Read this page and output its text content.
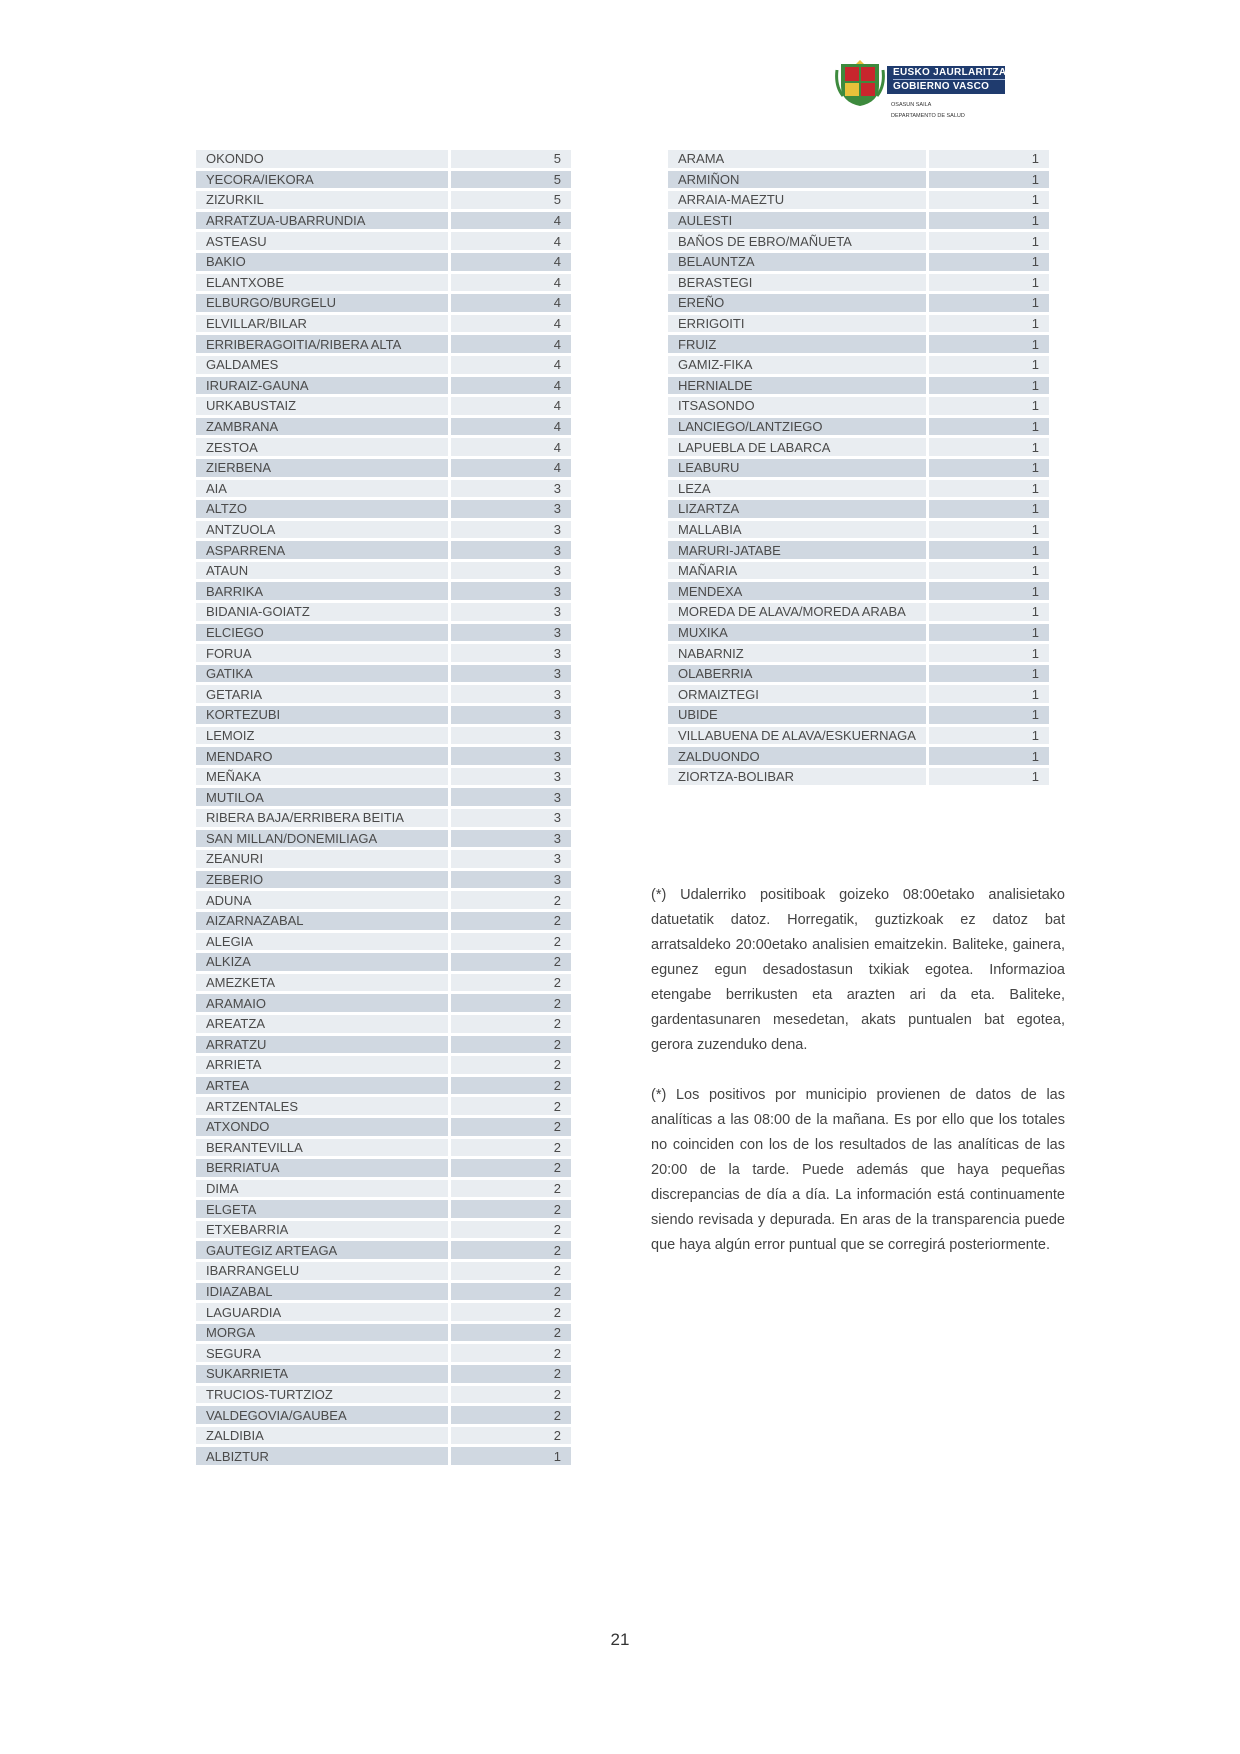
EUSKO JAURLARITZA
GOBIERNO VASCO
OSASUN SAILA
DEPARTAMENTO DE SALUD
OKONDO	5
YECORA/IEKORA	5
ZIZURKIL	5
ARRATZUA-UBARRUNDIA	4
ASTEASU	4
BAKIO	4
ELANTXOBE	4
ELBURGO/BURGELU	4
ELVILLAR/BILAR	4
ERRIBERAGOITIA/RIBERA ALTA	4
GALDAMES	4
IRURAIZ-GAUNA	4
URKABUSTAIZ	4
ZAMBRANA	4
ZESTOA	4
ZIERBENA	4
AIA	3
ALTZO	3
ANTZUOLA	3
ASPARRENA	3
ATAUN	3
BARRIKA	3
BIDANIA-GOIATZ	3
ELCIEGO	3
FORUA	3
GATIKA	3
GETARIA	3
KORTEZUBI	3
LEMOIZ	3
MENDARO	3
MEÑAKA	3
MUTILOA	3
RIBERA BAJA/ERRIBERA BEITIA	3
SAN MILLAN/DONEMILIAGA	3
ZEANURI	3
ZEBERIO	3
ADUNA	2
AIZARNAZABAL	2
ALEGIA	2
ALKIZA	2
AMEZKETA	2
ARAMAIO	2
AREATZA	2
ARRATZU	2
ARRIETA	2
ARTEA	2
ARTZENTALES	2
ATXONDO	2
BERANTEVILLA	2
BERRIATUA	2
DIMA	2
ELGETA	2
ETXEBARRIA	2
GAUTEGIZ ARTEAGA	2
IBARRANGELU	2
IDIAZABAL	2
LAGUARDIA	2
MORGA	2
SEGURA	2
SUKARRIETA	2
TRUCIOS-TURTZIOZ	2
VALDEGOVIA/GAUBEA	2
ZALDIBIA	2
ALBIZTUR	1
ARAMA	1
ARMIÑON	1
ARRAIA-MAEZTU	1
AULESTI	1
BAÑOS DE EBRO/MAÑUETA	1
BELAUNTZA	1
BERASTEGI	1
EREÑO	1
ERRIGOITI	1
FRUIZ	1
GAMIZ-FIKA	1
HERNIALDE	1
ITSASONDO	1
LANCIEGO/LANTZIEGO	1
LAPUEBLA DE LABARCA	1
LEABURU	1
LEZA	1
LIZARTZA	1
MALLABIA	1
MARURI-JATABE	1
MAÑARIA	1
MENDEXA	1
MOREDA DE ALAVA/MOREDA ARABA	1
MUXIKA	1
NABARNIZ	1
OLABERRIA	1
ORMAIZTEGI	1
UBIDE	1
VILLABUENA DE ALAVA/ESKUERNAGA	1
ZALDUONDO	1
ZIORTZA-BOLIBAR	1

(*) Udalerriko positiboak goizeko 08:00etako analisietako datuetatik datoz. Horregatik, guztizkoak ez datoz bat arratsaldeko 20:00etako analisien emaitzekin. Baliteke, gainera, egunez egun desadostasun txikiak egotea. Informazioa etengabe berrikusten eta arazten ari da eta. Baliteke, gardentasunaren mesedetan, akats puntualen bat egotea, gerora zuzenduko dena.

(*) Los positivos por municipio provienen de datos de las analíticas a las 08:00 de la mañana. Es por ello que los totales no coinciden con los de los resultados de las analíticas de las 20:00 de la tarde. Puede además que haya pequeñas discrepancias de día a día. La información está continuamente siendo revisada y depurada. En aras de la transparencia puede que haya algún error puntual que se corregirá posteriormente.

21
